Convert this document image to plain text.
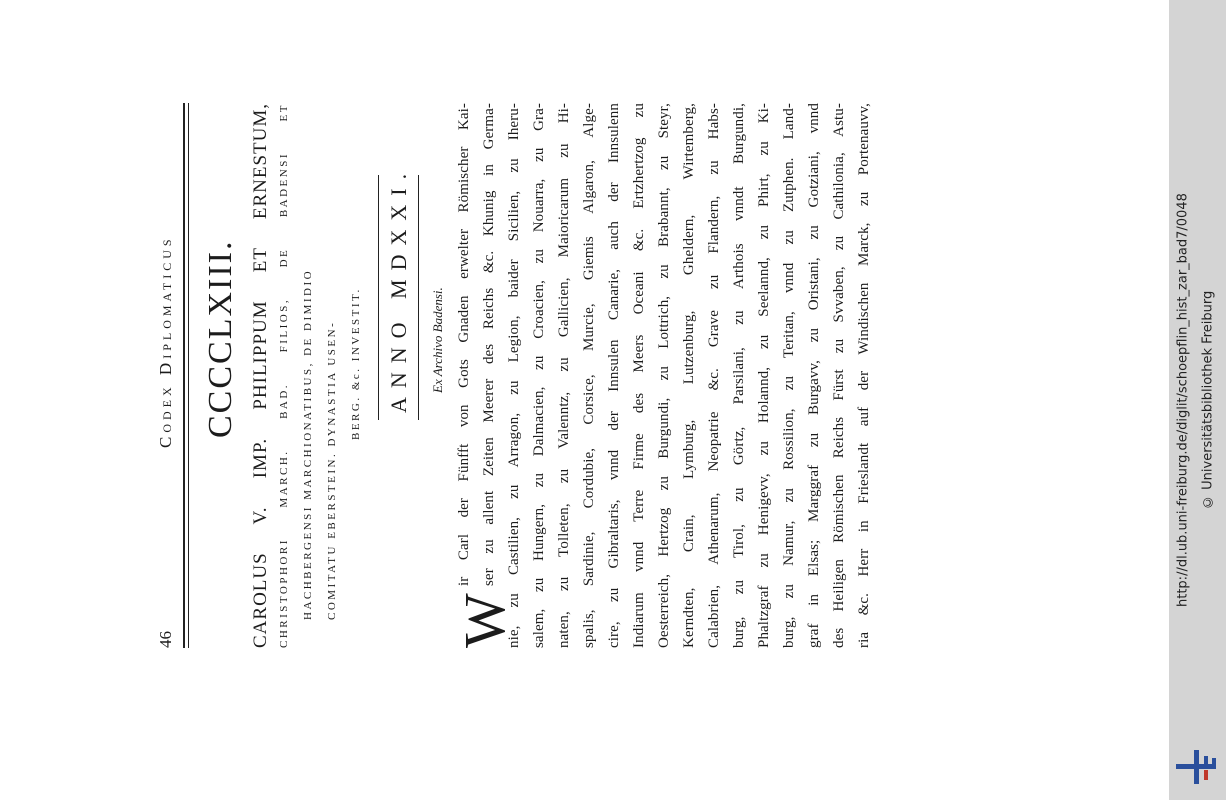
http://dl.ub.uni-freiburg.de/diglit/schoepflin_hist_zar_bad7/0048 © Universitätsbibliothek Freiburg
46
Codex Diplomaticus CCCCLXIII. CAROLUS V. IMP. PHILIPPUM ET ERNESTUM, CHRISTOPHORI MARCH. BAD. FILIOS, DE BADENSI ET HACHBERGENSI MARCHIONATIBUS, DE DIMIDIO COMITATU EBERSTEIN. DYNASTIA USEN- BERG. &c. INVESTIT. ANNO MDXXI. Ex Archivo Badensi.
W
ir Carl der Fünfft von Gots Gnaden erwelter Römischer Kai- ser zu allent Zeiten Meerer des Reichs &c. Khunig in Germa- nie, zu Castilien, zu Arragon, zu Legion, baider Sicilien, zu Iheru- salem, zu Hungern, zu Dalmacien, zu Croacien, zu Nouarra, zu Gra- naten, zu Tolleten, zu Valenntz, zu Gallicien, Maioricarum zu Hi- spalis, Sardinie, Cordubie, Corsice, Murcie, Giemis Algaron, Alge- cire, zu Gibraltaris, vnnd der Innsulen Canarie, auch der Innsulenn Indiarum vnnd Terre Firme des Meers Oceani &c. Ertzhertzog zu Oesterreich, Hertzog zu Burgundi, zu Lottrich, zu Brabannt, zu Steyr, Kerndten, Crain, Lymburg, Lutzenburg, Gheldern, Wirtemberg, Calabrien, Athenarum, Neopatrie &c. Grave zu Flandern, zu Habs- burg, zu Tirol, zu Görtz, Parsilani, zu Arthois vnndt Burgundi, Phaltzgraf zu Henigevv, zu Holannd, zu Seelannd, zu Phirt, zu Ki- burg, zu Namur, zu Rossilion, zu Teritan, vnnd zu Zutphen. Land- graf in Elsas; Marggraf zu Burgavv, zu Oristani, zu Gotziani, vnnd des Heiligen Römischen Reichs Fürst zu Svvaben, zu Cathilonia, Astu- ria &c. Herr in Frieslandt auf der Windischen Marck, zu Portenauvv,
